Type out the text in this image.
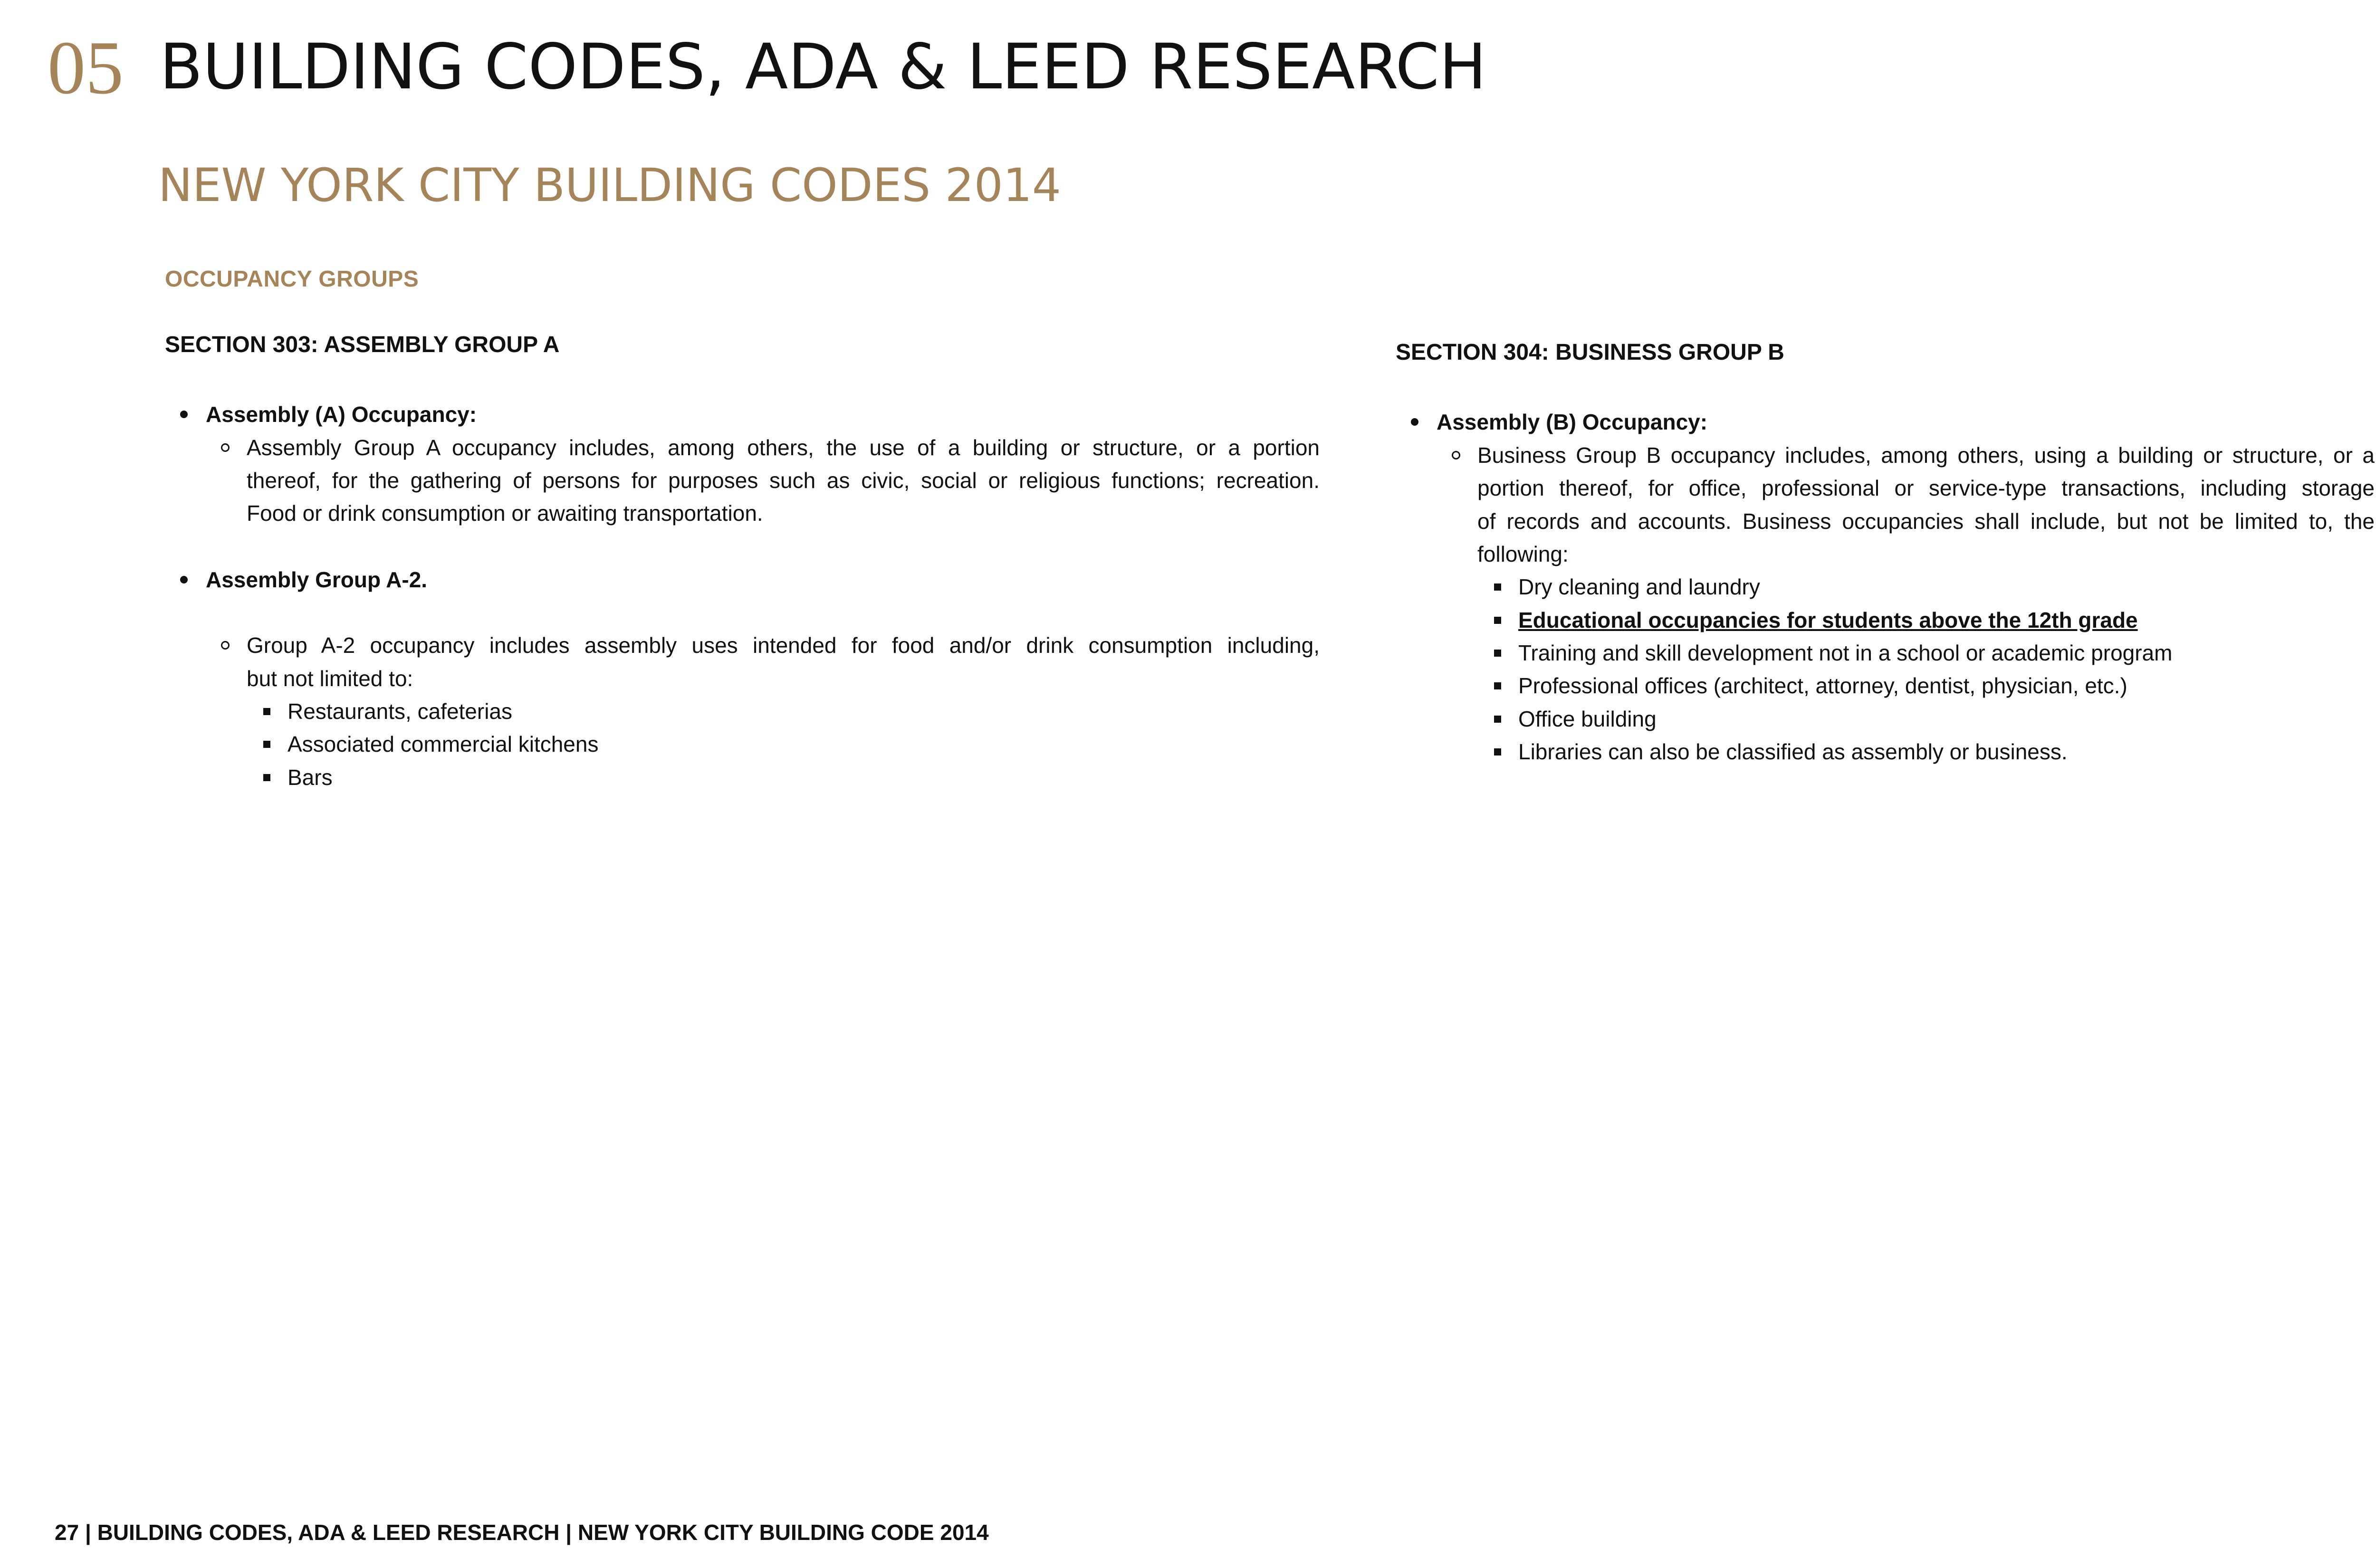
05 BUILDING CODES, ADA & LEED RESEARCH
NEW YORK CITY BUILDING CODES 2014
OCCUPANCY GROUPS
SECTION 303: ASSEMBLY GROUP A
Assembly (A) Occupancy:
Assembly Group A occupancy includes, among others, the use of a building or structure, or a portion
thereof, for the gathering of persons for purposes such as civic, social or religious functions; recreation.
Food or drink consumption or awaiting transportation.
Assembly Group A-2.
Group A-2 occupancy includes assembly uses intended for food and/or drink consumption including,
but not limited to:
Restaurants, cafeterias
Associated commercial kitchens
Bars
SECTION 304: BUSINESS GROUP B
Assembly (B) Occupancy:
Business Group B occupancy includes, among others, using a building or structure, or a
portion thereof, for office, professional or service-type transactions, including storage
of records and accounts. Business occupancies shall include, but not be limited to, the
following:
Dry cleaning and laundry
Educational occupancies for students above the 12th grade
Training and skill development not in a school or academic program
Professional offices (architect, attorney, dentist, physician, etc.)
Office building
Libraries can also be classified as assembly or business.
27 | BUILDING CODES, ADA & LEED RESEARCH | NEW YORK CITY BUILDING CODE 2014
